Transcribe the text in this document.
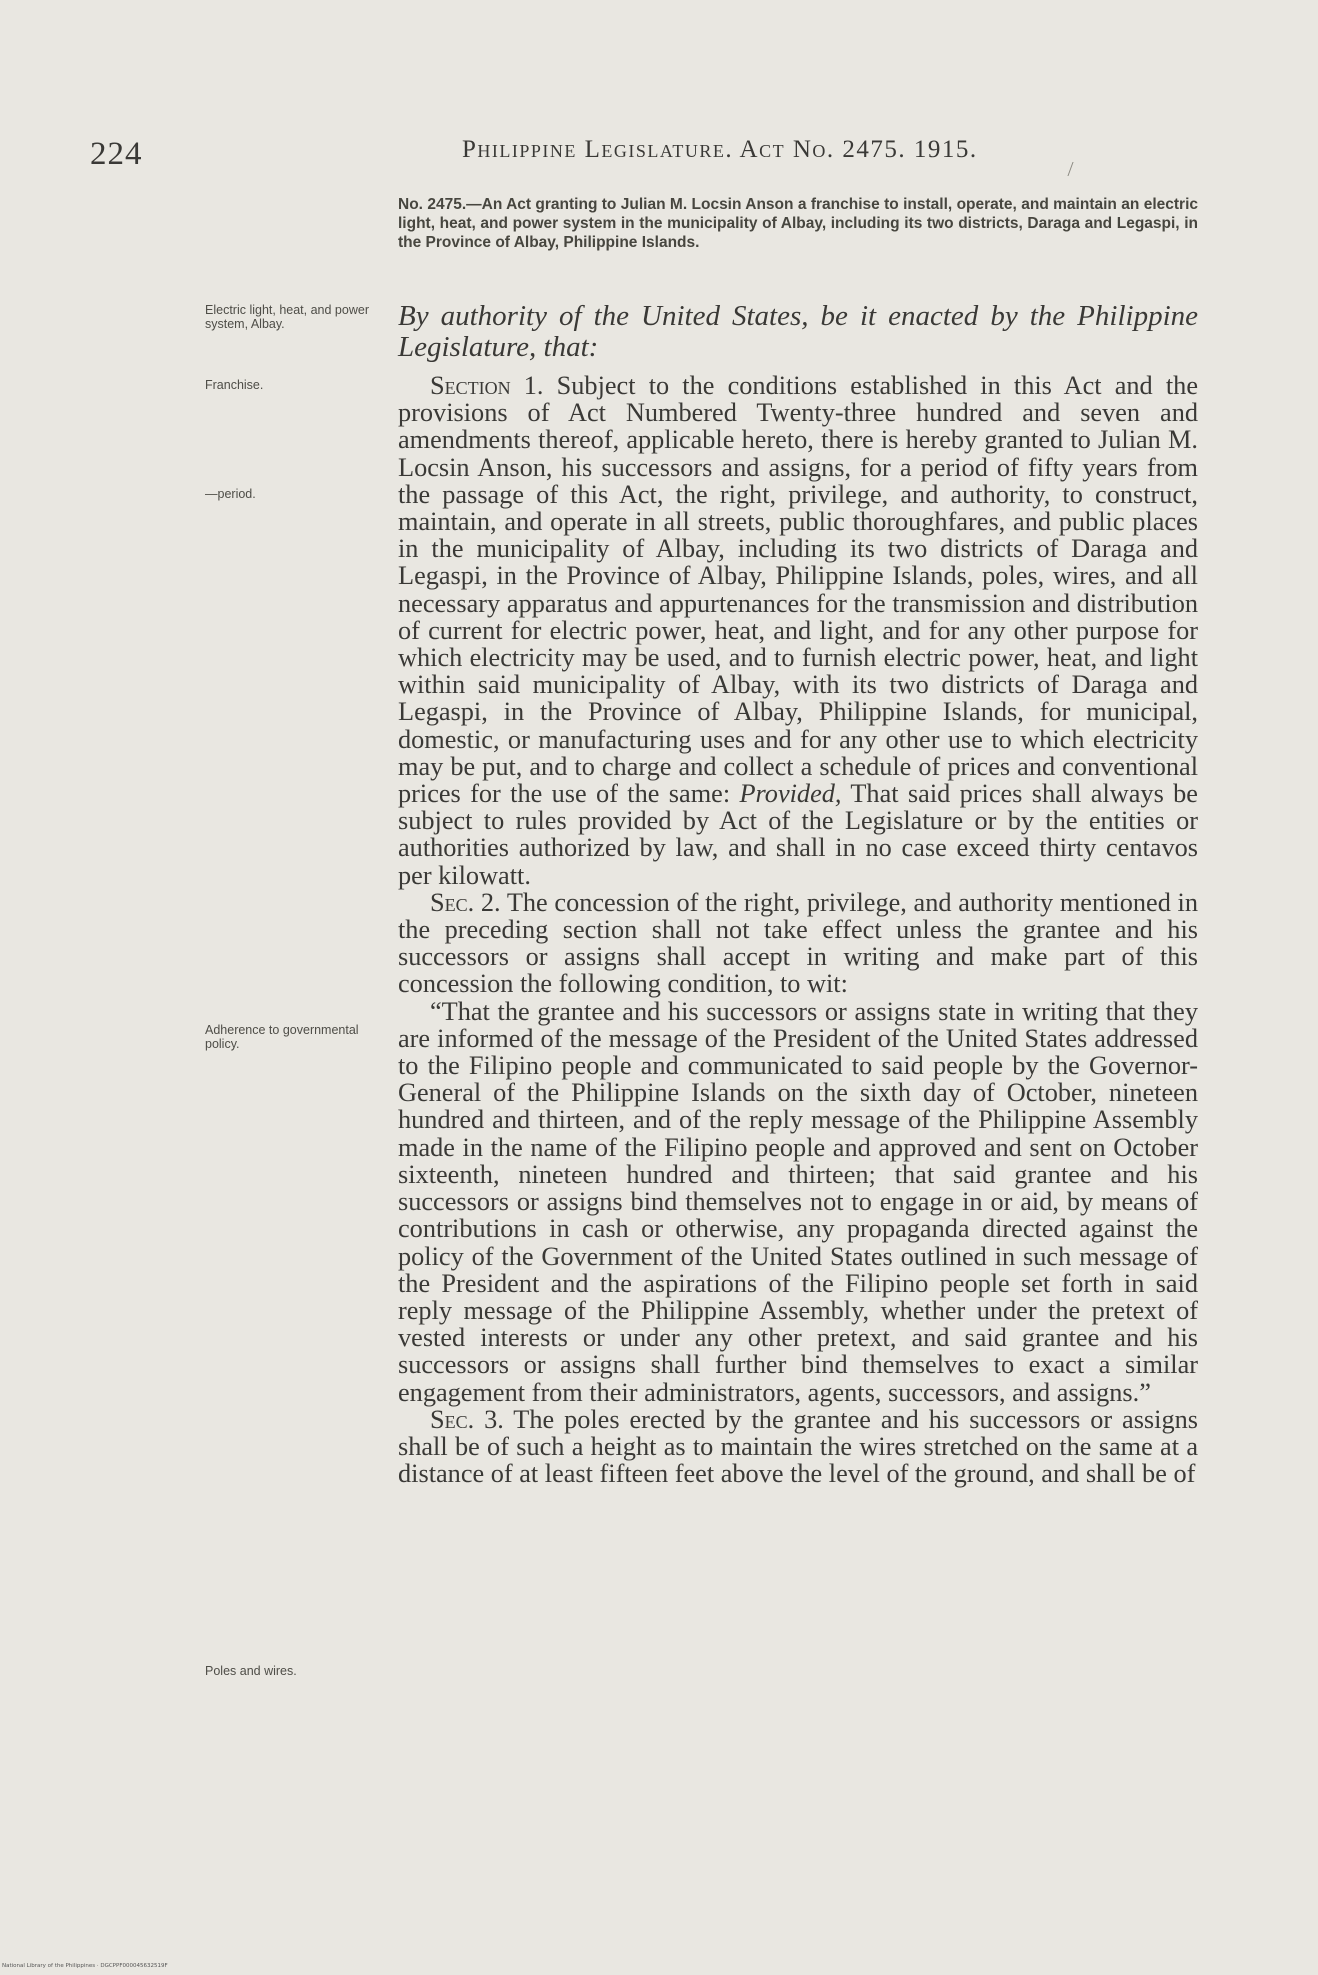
224	Philippine Legislature. Act No. 2475. 1915.
No. 2475.—An Act granting to Julian M. Locsin Anson a franchise to install, operate, and maintain an electric light, heat, and power system in the municipality of Albay, including its two districts, Daraga and Legaspi, in the Province of Albay, Philippine Islands.
By authority of the United States, be it enacted by the Philippine Legislature, that:
Electric light, heat, and power system, Albay.
Franchise.
—period.
Adherence to governmental policy.
Poles and wires.

Section 1. Subject to the conditions established in this Act and the provisions of Act Numbered Twenty-three hundred and seven and amendments thereof, applicable hereto, there is hereby granted to Julian M. Locsin Anson, his successors and assigns, for a period of fifty years from the passage of this Act, the right, privilege, and authority, to construct, maintain, and operate in all streets, public thoroughfares, and public places in the municipality of Albay, including its two districts of Daraga and Legaspi, in the Province of Albay, Philippine Islands, poles, wires, and all necessary apparatus and appurtenances for the transmission and distribution of current for electric power, heat, and light, and for any other purpose for which electricity may be used, and to furnish electric power, heat, and light within said municipality of Albay, with its two districts of Daraga and Legaspi, in the Province of Albay, Philippine Islands, for municipal, domestic, or manufacturing uses and for any other use to which electricity may be put, and to charge and collect a schedule of prices and conventional prices for the use of the same: Provided, That said prices shall always be subject to rules provided by Act of the Legislature or by the entities or authorities authorized by law, and shall in no case exceed thirty centavos per kilowatt.

Sec. 2. The concession of the right, privilege, and authority mentioned in the preceding section shall not take effect unless the grantee and his successors or assigns shall accept in writing and make part of this concession the following condition, to wit:

“That the grantee and his successors or assigns state in writing that they are informed of the message of the President of the United States addressed to the Filipino people and communicated to said people by the Governor-General of the Philippine Islands on the sixth day of October, nineteen hundred and thirteen, and of the reply message of the Philippine Assembly made in the name of the Filipino people and approved and sent on October sixteenth, nineteen hundred and thirteen; that said grantee and his successors or assigns bind themselves not to engage in or aid, by means of contributions in cash or otherwise, any propaganda directed against the policy of the Government of the United States outlined in such message of the President and the aspirations of the Filipino people set forth in said reply message of the Philippine Assembly, whether under the pretext of vested interests or under any other pretext, and said grantee and his successors or assigns shall further bind themselves to exact a similar engagement from their administrators, agents, successors, and assigns.”

Sec. 3. The poles erected by the grantee and his successors or assigns shall be of such a height as to maintain the wires stretched on the same at a distance of at least fifteen feet above the level of the ground, and shall be of

National Library of the Philippines · DGCPPF000045632519F
